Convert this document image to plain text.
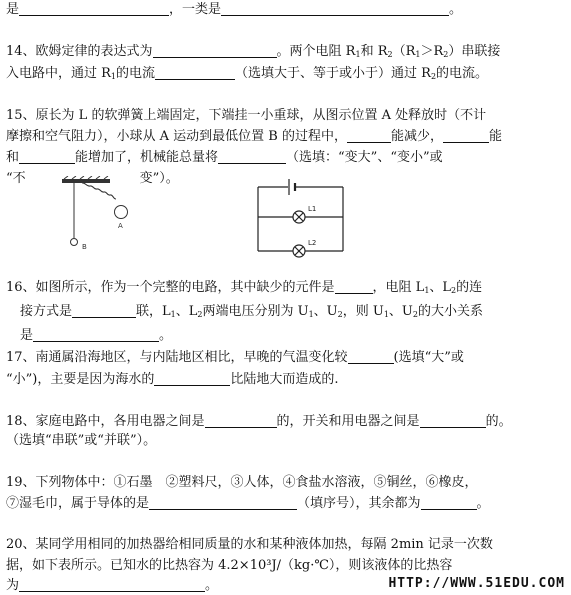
是	，一类是	。
14、欧姆定律的表达式为	。两个电阻 $R_1$和 $R_2(R_1>R_2)$串联接
入电路中，通过 $R_1$的电流	（选填大于、等于或小于）通过 $R_2$的电流。
15、原长为 L 的软弹簧上端固定，下端挂一小重球，从图示位置 A 处释放时（不计
摩擦和空气阻力），小球从 A 运动到最低位置 B 的过程中，	能减少，	能
和	能增加了，机械能总量将	（选填：“变大”、“变小”或
“不	变”）。
B
A
L1
L2
16、如图所示，作为一个完整的电路，其中缺少的元件是	，电阻 $L_1$、$L_2$的连
接方式是	联，$L_1$、$L_2$两端电压分别为 $U_1$、$U_2$，则 $U_1$、$U_2$的大小关系
是	。
17、南通属沿海地区，与内陆地区相比，早晚的气温变化较	(选填“大”或
“小”)，主要是因为海水的	比陆地大而造成的.
18、家庭电路中，各用电器之间是	的，开关和用电器之间是	的。
（选填“串联”或“并联”）。
19、下列物体中：①石墨　②塑料尺，③人体，④食盐水溶液，⑤铜丝，⑥橡皮，
⑦湿毛巾，属于导体的是	（填序号），其余都为	。
20、某同学用相同的加热器给相同质量的水和某种液体加热，每隔 2min 记录一次数
据，如下表所示。已知水的比热容为 4.2×10³J/（kg·℃），则该液体的比热容
为	。	HTTP://WWW.51EDU.COM
